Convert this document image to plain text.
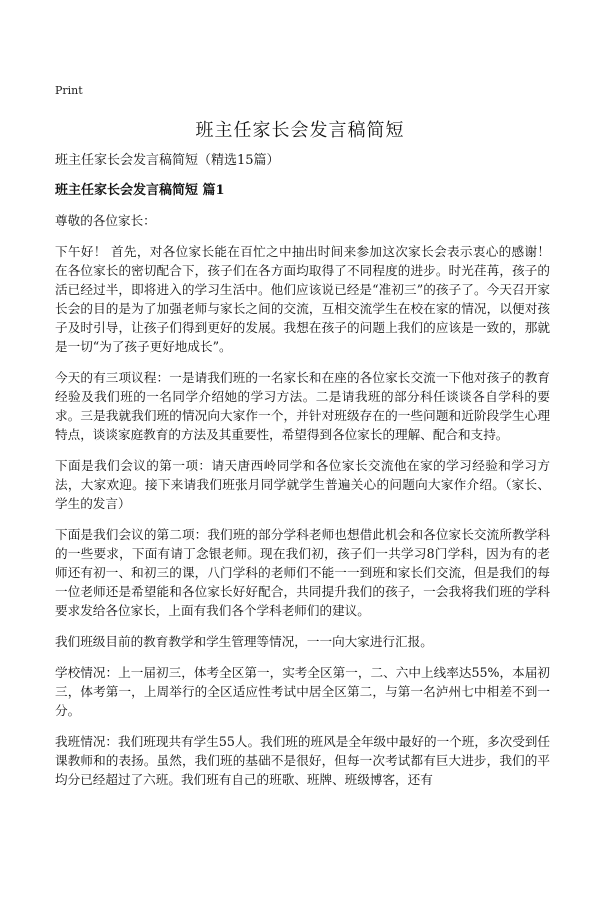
Print
班主任家长会发言稿简短

班主任家长会发言稿简短（精选15篇）

班主任家长会发言稿简短 篇1

尊敬的各位家长：

下午好！ 首先，对各位家长能在百忙之中抽出时间来参加这次家长会表示衷心的感谢！在各位家长的密切配合下，孩子们在各方面均取得了不同程度的进步。时光荏苒，孩子的活已经过半，即将进入的学习生活中。他们应该说已经是“准初三”的孩子了。今天召开家长会的目的是为了加强老师与家长之间的交流，互相交流学生在校在家的情况，以便对孩子及时引导，让孩子们得到更好的发展。我想在孩子的问题上我们的应该是一致的，那就是一切“为了孩子更好地成长”。

今天的有三项议程：一是请我们班的一名家长和在座的各位家长交流一下他对孩子的教育经验及我们班的一名同学介绍她的学习方法。二是请我班的部分科任谈谈各自学科的要求。三是我就我们班的情况向大家作一个，并针对班级存在的一些问题和近阶段学生心理特点，谈谈家庭教育的方法及其重要性，希望得到各位家长的理解、配合和支持。

下面是我们会议的第一项：请天唐西岭同学和各位家长交流他在家的学习经验和学习方法，大家欢迎。接下来请我们班张月同学就学生普遍关心的问题向大家作介绍。（家长、学生的发言）

下面是我们会议的第二项：我们班的部分学科老师也想借此机会和各位家长交流所教学科的一些要求，下面有请丁念银老师。现在我们初，孩子们一共学习8门学科，因为有的老师还有初一、和初三的课，八门学科的老师们不能一一到班和家长们交流，但是我们的每一位老师还是希望能和各位家长好好配合，共同提升我们的孩子，一会我将我们班的学科要求发给各位家长，上面有我们各个学科老师们的建议。

我们班级目前的教育教学和学生管理等情况，一一向大家进行汇报。

学校情况：上一届初三，体考全区第一，实考全区第一，二、六中上线率达55%，本届初三，体考第一，上周举行的全区适应性考试中居全区第二，与第一名泸州七中相差不到一分。

我班情况：我们班现共有学生55人。我们班的班风是全年级中最好的一个班，多次受到任课教师和的表扬。虽然，我们班的基础不是很好，但每一次考试都有巨大进步，我们的平均分已经超过了六班。我们班有自己的班歌、班牌、班级博客，还有
